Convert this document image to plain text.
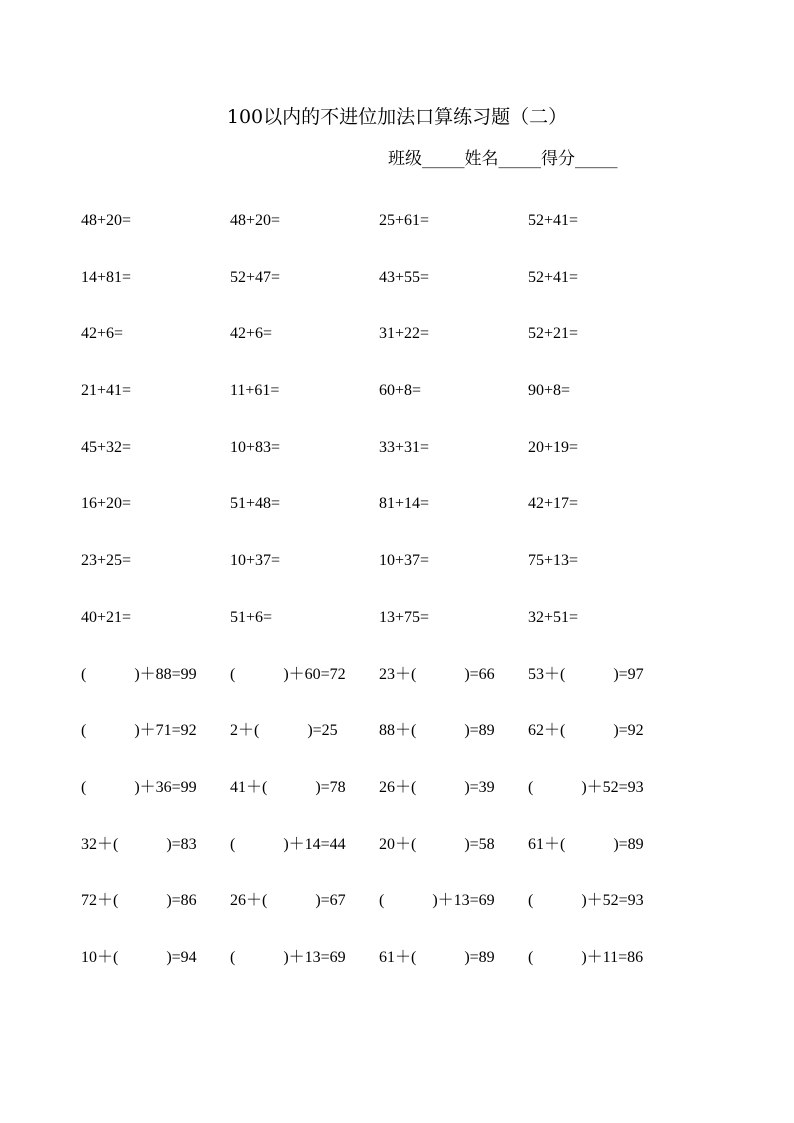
100以内的不进位加法口算练习题（二）
班级_____姓名_____得分_____
48+20=	48+20=	25+61=	52+41=
14+81=	52+47=	43+55=	52+41=
42+6=	42+6=	31+22=	52+21=
21+41=	11+61=	60+8=	90+8=
45+32=	10+83=	33+31=	20+19=
16+20=	51+48=	81+14=	42+17=
23+25=	10+37=	10+37=	75+13=
40+21=	51+6=	13+75=	32+51=
(　　　)＋88=99 (　　　)＋60=72 23＋(　　　)=66 53＋(　　　)=97
(　　　)＋71=92 2＋(　　　)=25	88＋(　　　)=89 62＋(　　　)=92
(　　　)＋36=99 41＋(　　　)=78 26＋(　　　)=39 (　　　)＋52=93
32＋(　　　)=83 (　　　)＋14=44 20＋(　　　)=58 61＋(　　　)=89
72＋(　　　)=86 26＋(　　　)=67 (　　　)＋13=69 (　　　)＋52=93
10＋(　　　)=94 (　　　)＋13=69 61＋(　　　)=89 (　　　)＋11=86
